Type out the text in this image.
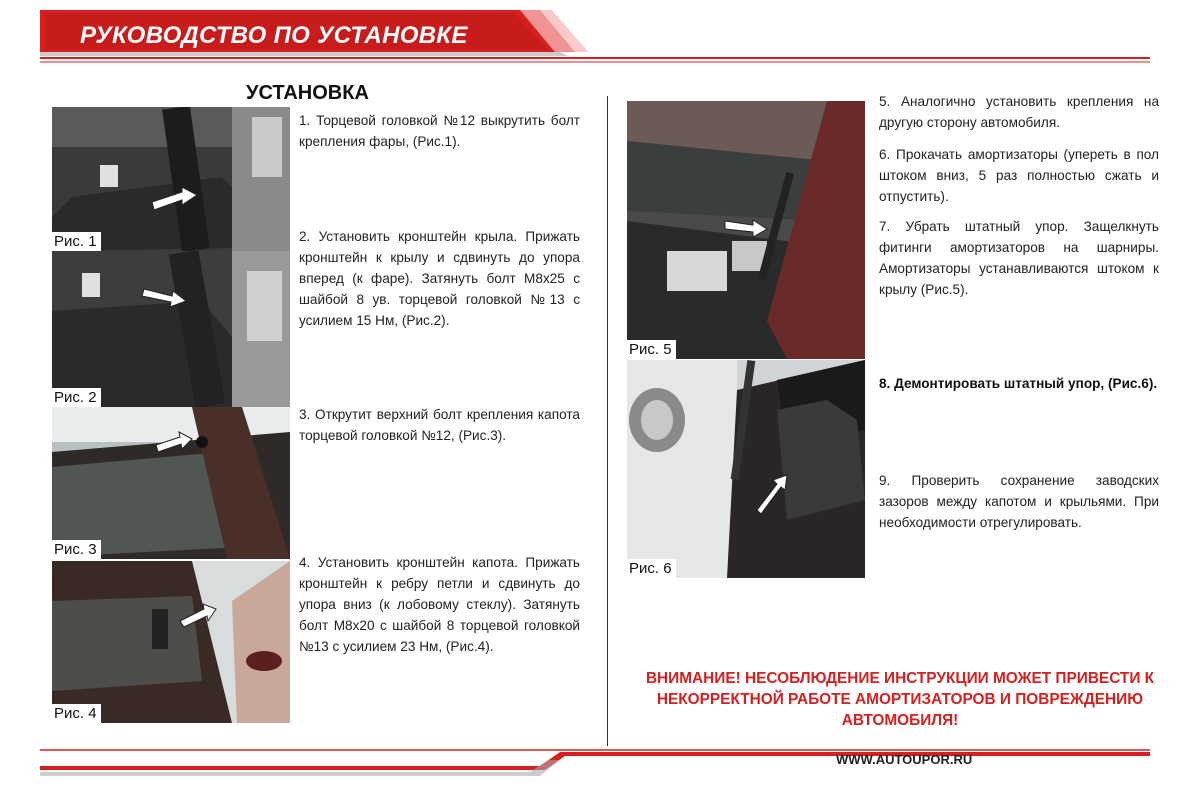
РУКОВОДСТВО ПО УСТАНОВКЕ
УСТАНОВКА
Рис. 1
Рис. 2
Рис. 3
Рис. 4
1. Торцевой головкой №12 выкрутить болт крепления фары, (Рис.1).
2. Установить кронштейн крыла. Прижать кронштейн к крылу и сдвинуть до упора вперед (к фаре). Затянуть болт М8х25 с шайбой 8 ув. торцевой головкой №13 с усилием 15 Нм, (Рис.2).
3. Открутит верхний болт крепления капота торцевой головкой №12, (Рис.3).
4. Установить кронштейн капота. Прижать кронштейн к ребру петли и сдвинуть до упора вниз (к лобовому стеклу). Затянуть болт М8х20 с шайбой 8 торцевой головкой №13 с усилием 23 Нм, (Рис.4).
Рис. 5
Рис. 6
5. Аналогично установить крепления на другую сторону автомобиля.
6. Прокачать амортизаторы (упереть в пол штоком вниз, 5 раз полностью сжать и отпустить).
7. Убрать штатный упор. Защелкнуть фитинги амортизаторов на шарниры. Амортизаторы устанавливаются штоком к крылу (Рис.5).
8. Демонтировать штатный упор, (Рис.6).
9. Проверить сохранение заводских зазоров между капотом и крыльями. При необходимости отрегулировать.
ВНИМАНИЕ! НЕСОБЛЮДЕНИЕ ИНСТРУКЦИИ МОЖЕТ ПРИВЕСТИ К НЕКОРРЕКТНОЙ РАБОТЕ АМОРТИЗАТОРОВ И ПОВРЕЖДЕНИЮ АВТОМОБИЛЯ!
WWW.AUTOUPOR.RU
